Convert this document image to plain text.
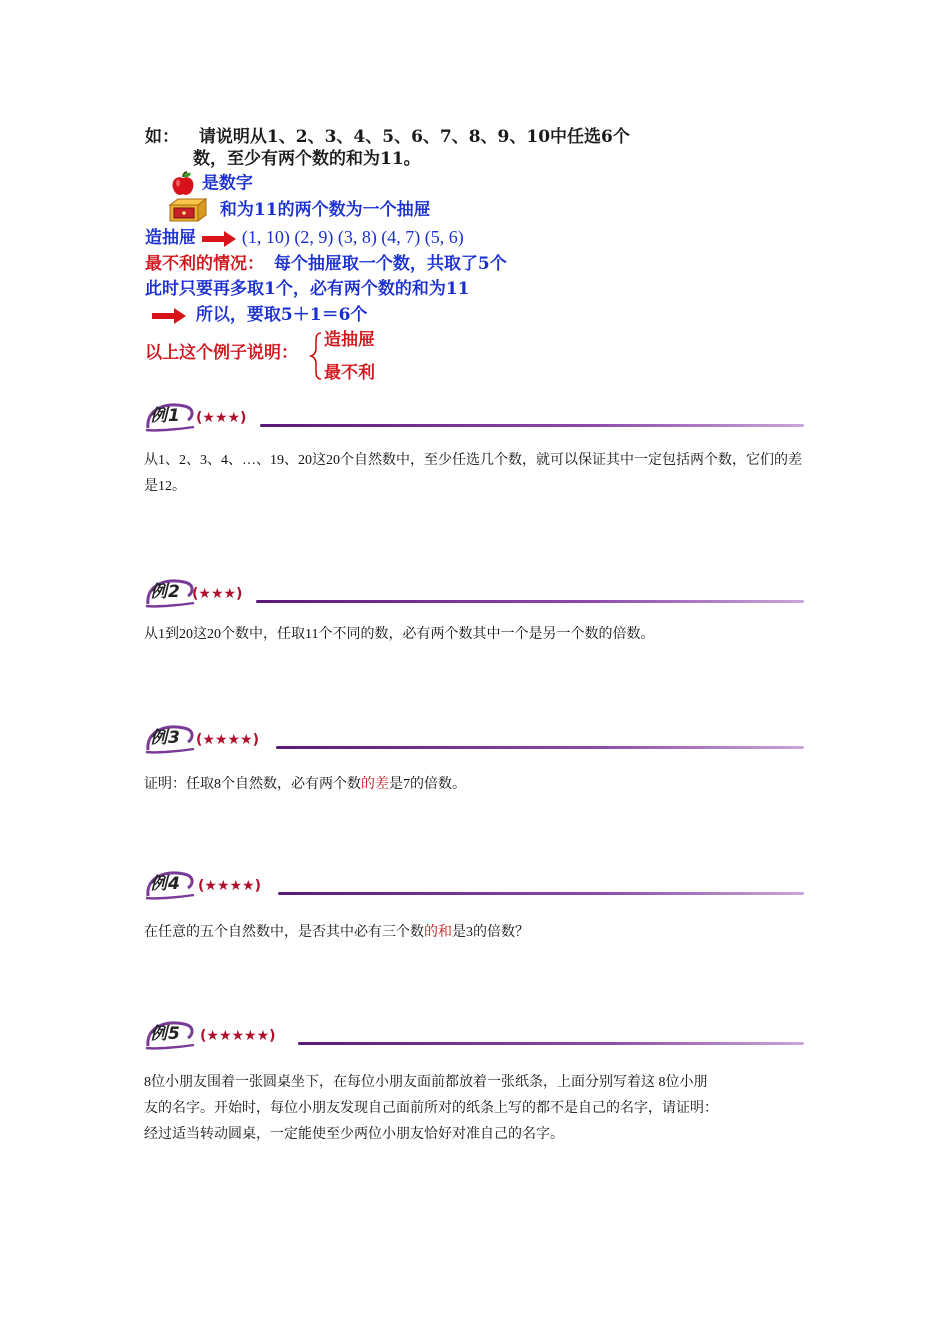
如： 请说明从1、2、3、4、5、6、7、8、9、10中任选6个
数，至少有两个数的和为11。
是数字
和为11的两个数为一个抽屉
造抽屉	(1, 10) (2, 9) (3, 8) (4, 7) (5, 6)
最不利的情况： 每个抽屉取一个数，共取了5个
此时只要再多取1个，必有两个数的和为11
所以，要取5＋1＝6个
以上这个例子说明：
造抽屉
最不利
例1 (★★★)
从1、2、3、4、…、19、20这20个自然数中，至少任选几个数，就可以保证其中一定包括两个数，它们的差是12。
例2 (★★★)
从1到20这20个数中，任取11个不同的数，必有两个数其中一个是另一个数的倍数。
例3 (★★★★)
证明：任取8个自然数，必有两个数的差是7的倍数。
例4 (★★★★)
在任意的五个自然数中，是否其中必有三个数的和是3的倍数？
例5 (★★★★★)
8位小朋友围着一张圆桌坐下，在每位小朋友面前都放着一张纸条，上面分别写着这 8位小朋
友的名字。开始时，每位小朋友发现自己面前所对的纸条上写的都不是自己的名字，请证明：
经过适当转动圆桌，一定能使至少两位小朋友恰好对准自己的名字。
